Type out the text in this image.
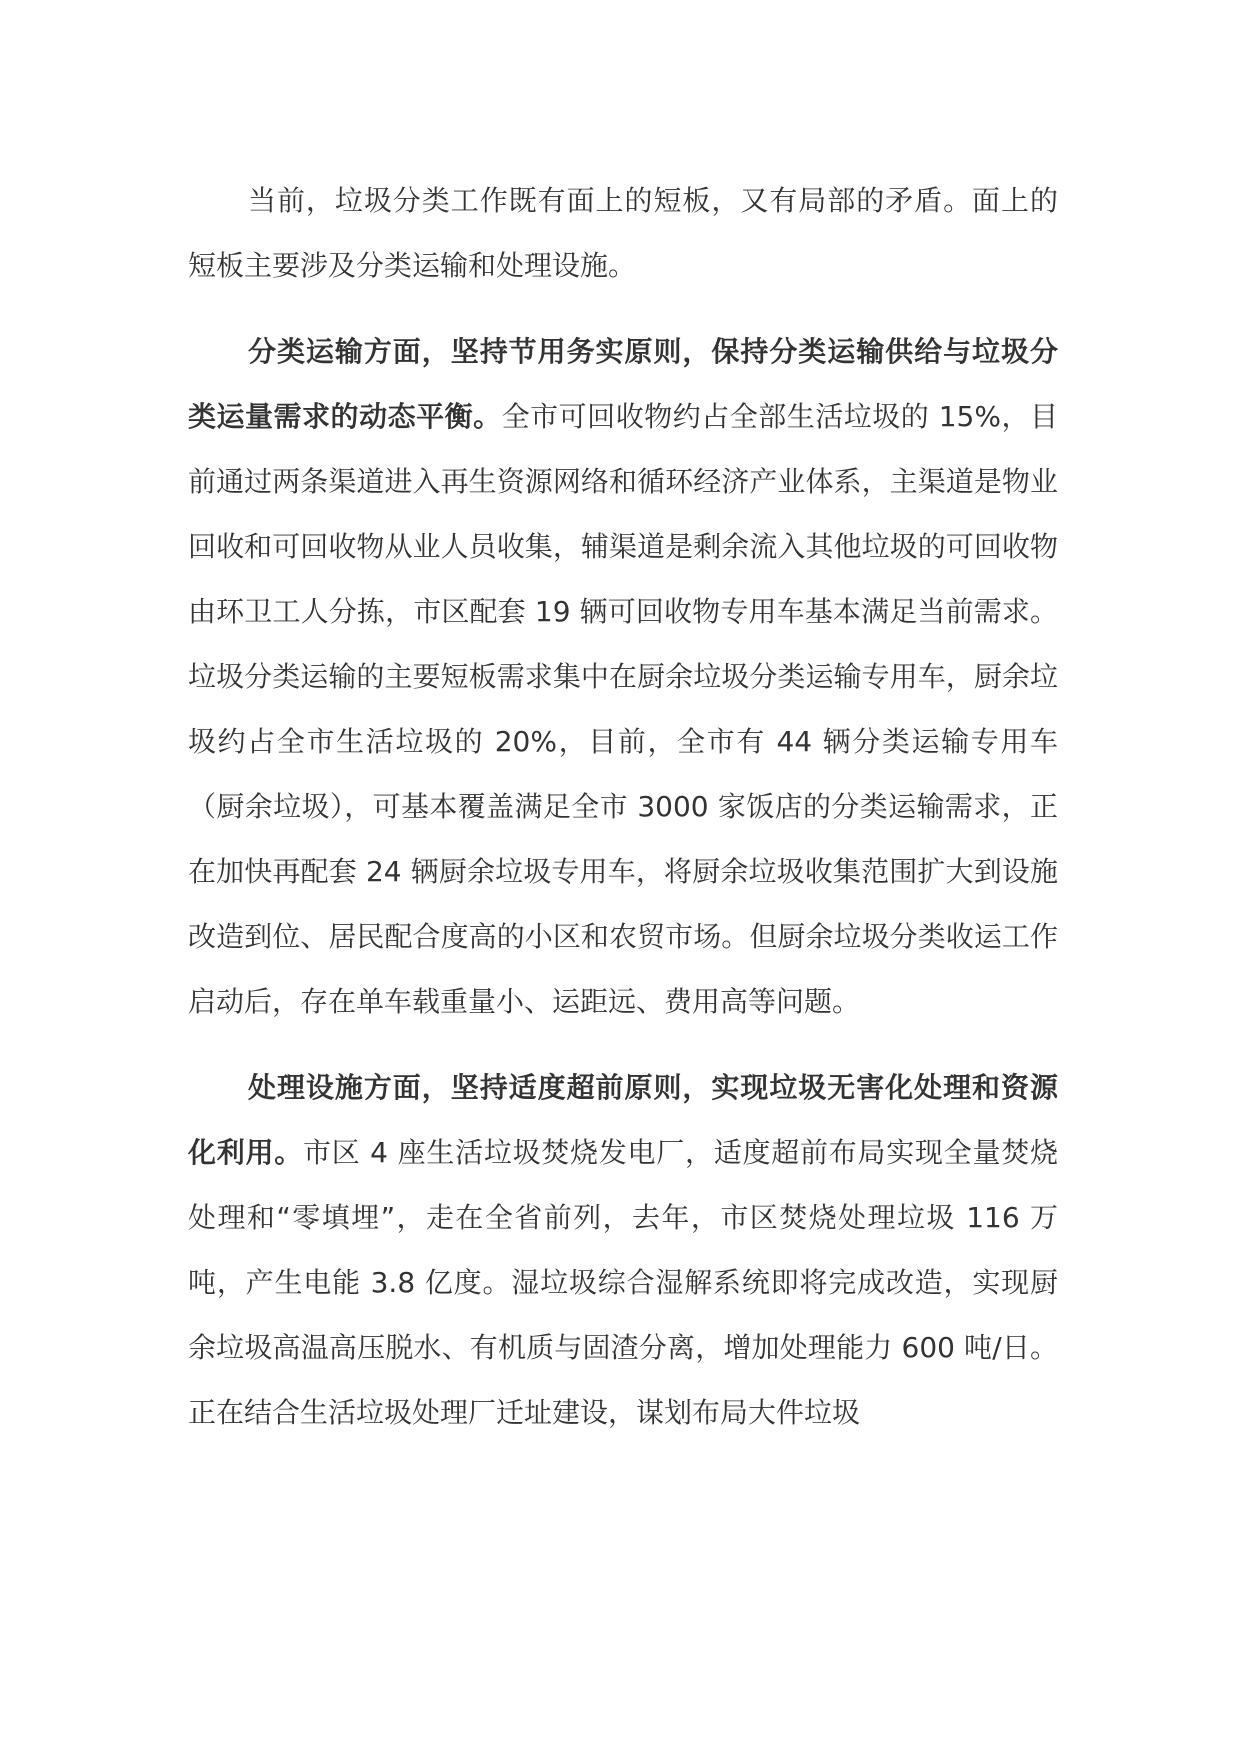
当前，垃圾分类工作既有面上的短板，又有局部的矛盾。面上的短板主要涉及分类运输和处理设施。

分类运输方面，坚持节用务实原则，保持分类运输供给与垃圾分类运量需求的动态平衡。全市可回收物约占全部生活垃圾的 15%，目前通过两条渠道进入再生资源网络和循环经济产业体系，主渠道是物业回收和可回收物从业人员收集，辅渠道是剩余流入其他垃圾的可回收物由环卫工人分拣，市区配套 19 辆可回收物专用车基本满足当前需求。垃圾分类运输的主要短板需求集中在厨余垃圾分类运输专用车，厨余垃圾约占全市生活垃圾的 20%，目前，全市有 44 辆分类运输专用车（厨余垃圾），可基本覆盖满足全市 3000 家饭店的分类运输需求，正在加快再配套 24 辆厨余垃圾专用车，将厨余垃圾收集范围扩大到设施改造到位、居民配合度高的小区和农贸市场。但厨余垃圾分类收运工作启动后，存在单车载重量小、运距远、费用高等问题。

处理设施方面，坚持适度超前原则，实现垃圾无害化处理和资源化利用。市区 4 座生活垃圾焚烧发电厂，适度超前布局实现全量焚烧处理和“零填埋”，走在全省前列，去年，市区焚烧处理垃圾 116 万吨，产生电能 3.8 亿度。湿垃圾综合湿解系统即将完成改造，实现厨余垃圾高温高压脱水、有机质与固渣分离，增加处理能力 600 吨/日。正在结合生活垃圾处理厂迁址建设，谋划布局大件垃圾
